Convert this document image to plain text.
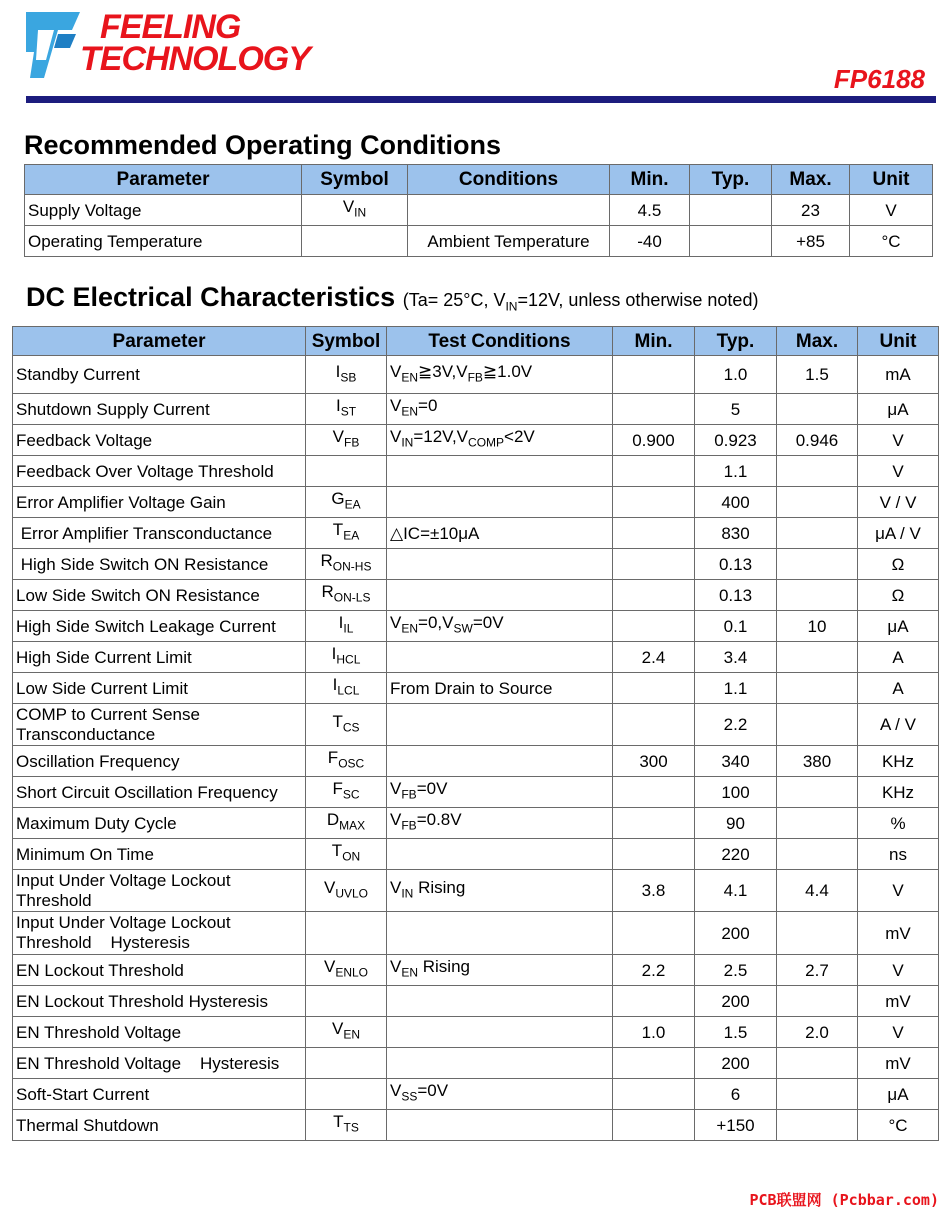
FEELING
TECHNOLOGY
FP6188
Recommended Operating Conditions
Parameter	Symbol	Conditions	Min.	Typ.	Max.	Unit
Supply Voltage	$V_{IN}$		4.5		23	V
Operating Temperature		Ambient Temperature	-40		+85	°C
DC Electrical Characteristics (Ta= 25°C, $V_{IN}=12V$, unless otherwise noted)
Parameter	Symbol	Test Conditions	Min.	Typ.	Max.	Unit
Standby Current	$I_{SB}$	$V_{EN}≧3V,V_{FB}≧1.0V$		1.0	1.5	mA
Shutdown Supply Current	$I_{ST}$	$V_{EN}=0$		5		μA
Feedback Voltage	$V_{FB}$	$V_{IN}=12V,V_{COMP}<2V$	0.900	0.923	0.946	V
Feedback Over Voltage Threshold				1.1		V
Error Amplifier Voltage Gain	$G_{EA}$			400		V / V
Error Amplifier Transconductance	$T_{EA}$	△IC=±10μA		830		μA / V
High Side Switch ON Resistance	$R_{ON-HS}$			0.13		Ω
Low Side Switch ON Resistance	$R_{ON-LS}$			0.13		Ω
High Side Switch Leakage Current	$I_{IL}$	$V_{EN}=0,V_{SW}=0V$		0.1	10	μA
High Side Current Limit	$I_{HCL}$		2.4	3.4		A
Low Side Current Limit	$I_{LCL}$	From Drain to Source		1.1		A
COMP to Current Sense Transconductance	$T_{CS}$			2.2		A / V
Oscillation Frequency	$F_{OSC}$		300	340	380	KHz
Short Circuit Oscillation Frequency	$F_{SC}$	$V_{FB}=0V$		100		KHz
Maximum Duty Cycle	$D_{MAX}$	$V_{FB}=0.8V$		90		%
Minimum On Time	$T_{ON}$			220		ns
Input Under Voltage Lockout Threshold	$V_{UVLO}$	$V_{IN}$ Rising	3.8	4.1	4.4	V
Input Under Voltage Lockout Threshold    Hysteresis				200		mV
EN Lockout Threshold	$V_{ENLO}$	$V_{EN}$ Rising	2.2	2.5	2.7	V
EN Lockout Threshold Hysteresis				200		mV
EN Threshold Voltage	$V_{EN}$		1.0	1.5	2.0	V
EN Threshold Voltage    Hysteresis				200		mV
Soft-Start Current		$V_{SS}=0V$		6		μA
Thermal Shutdown	$T_{TS}$			+150		°C
PCB联盟网 (Pcbbar.com)
